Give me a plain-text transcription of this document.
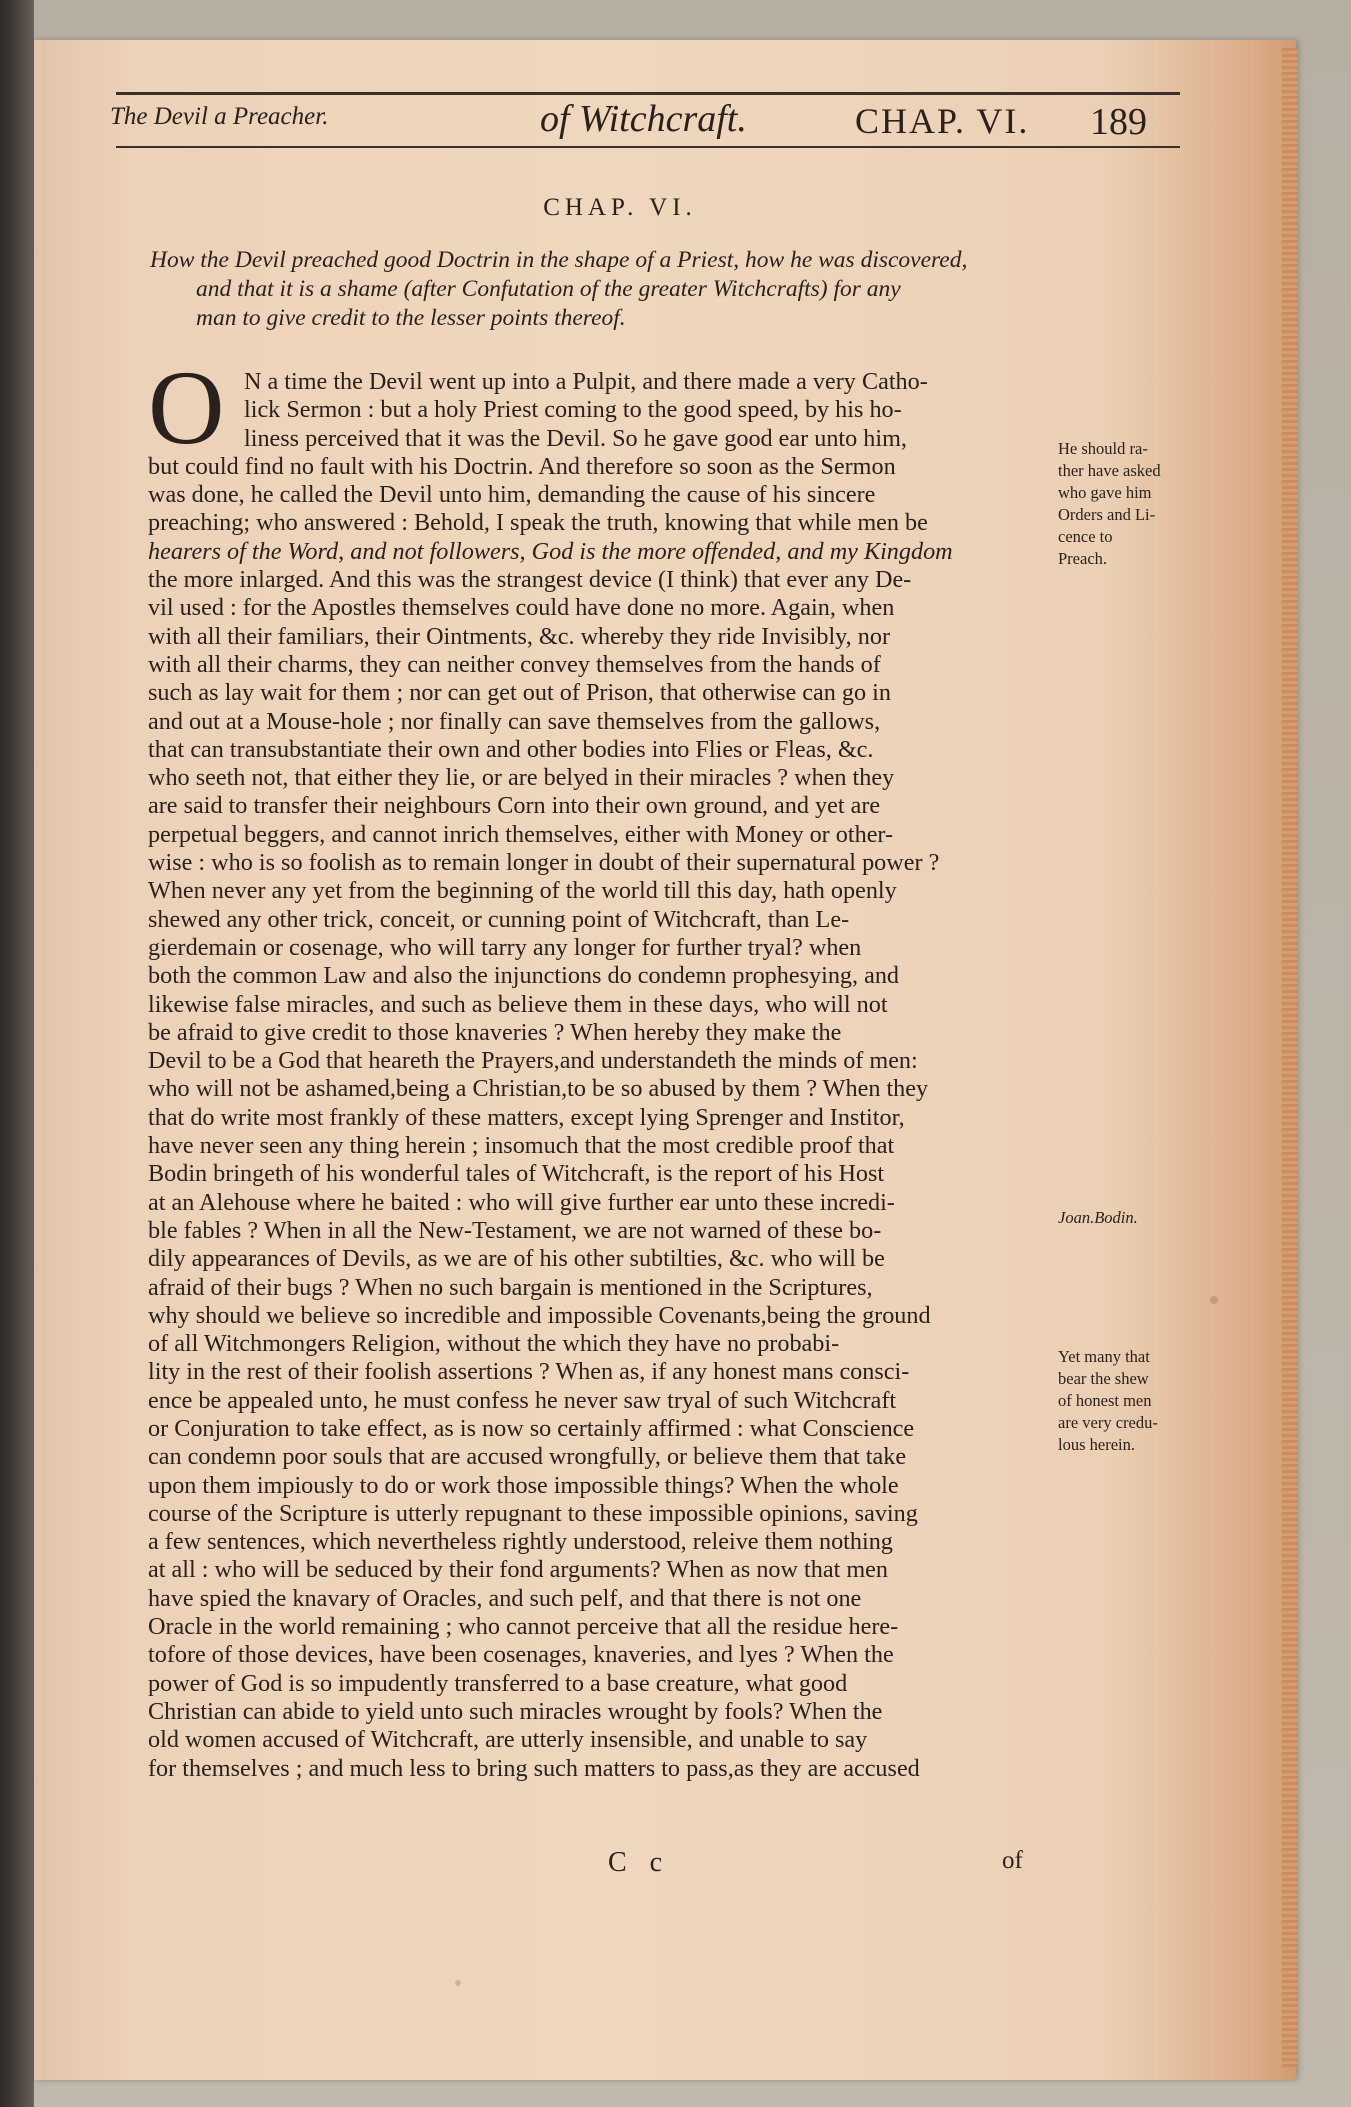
The Devil a Preacher.	of Witchcraft.	CHAP. VI. 189
CHAP. VI.
How the Devil preached good Doctrin in the shape of a Priest, how he was discovered,
and that it is a shame (after Confutation of the greater Witchcrafts) for any
man to give credit to the lesser points thereof.
O N a time the Devil went up into a Pulpit, and there made a very Catho-
lick Sermon : but a holy Priest coming to the good speed, by his ho-
liness perceived that it was the Devil. So he gave good ear unto him,
but could find no fault with his Doctrin. And therefore so soon as the Sermon
was done, he called the Devil unto him, demanding the cause of his sincere
preaching; who answered : Behold, I speak the truth, knowing that while men be
hearers of the Word, and not followers, God is the more offended, and my Kingdom
the more inlarged. And this was the strangest device (I think) that ever any De-
vil used : for the Apostles themselves could have done no more. Again, when
with all their familiars, their Ointments, &c. whereby they ride Invisibly, nor
with all their charms, they can neither convey themselves from the hands of
such as lay wait for them ; nor can get out of Prison, that otherwise can go in
and out at a Mouse-hole ; nor finally can save themselves from the gallows,
that can transubstantiate their own and other bodies into Flies or Fleas, &c.
who seeth not, that either they lie, or are belyed in their miracles ? when they
are said to transfer their neighbours Corn into their own ground, and yet are
perpetual beggers, and cannot inrich themselves, either with Money or other-
wise : who is so foolish as to remain longer in doubt of their supernatural power ?
When never any yet from the beginning of the world till this day, hath openly
shewed any other trick, conceit, or cunning point of Witchcraft, than Le-
gierdemain or cosenage, who will tarry any longer for further tryal? when
both the common Law and also the injunctions do condemn prophesying, and
likewise false miracles, and such as believe them in these days, who will not
be afraid to give credit to those knaveries ? When hereby they make the
Devil to be a God that heareth the Prayers,and understandeth the minds of men:
who will not be ashamed,being a Christian,to be so abused by them ? When they
that do write most frankly of these matters, except lying Sprenger and Institor,
have never seen any thing herein ; insomuch that the most credible proof that
Bodin bringeth of his wonderful tales of Witchcraft, is the report of his Host
at an Alehouse where he baited : who will give further ear unto these incredi-
ble fables ? When in all the New-Testament, we are not warned of these bo-
dily appearances of Devils, as we are of his other subtilties, &c. who will be
afraid of their bugs ? When no such bargain is mentioned in the Scriptures,
why should we believe so incredible and impossible Covenants,being the ground
of all Witchmongers Religion, without the which they have no probabi-
lity in the rest of their foolish assertions ? When as, if any honest mans consci-
ence be appealed unto, he must confess he never saw tryal of such Witchcraft
or Conjuration to take effect, as is now so certainly affirmed : what Conscience
can condemn poor souls that are accused wrongfully, or believe them that take
upon them impiously to do or work those impossible things? When the whole
course of the Scripture is utterly repugnant to these impossible opinions, saving
a few sentences, which nevertheless rightly understood, releive them nothing
at all : who will be seduced by their fond arguments? When as now that men
have spied the knavary of Oracles, and such pelf, and that there is not one
Oracle in the world remaining ; who cannot perceive that all the residue here-
tofore of those devices, have been cosenages, knaveries, and lyes ? When the
power of God is so impudently transferred to a base creature, what good
Christian can abide to yield unto such miracles wrought by fools? When the
old women accused of Witchcraft, are utterly insensible, and unable to say
for themselves ; and much less to bring such matters to pass,as they are accused
He should ra-
ther have asked
who gave him
Orders and Li-
cence to
Preach.
Joan.Bodin.
Yet many that
bear the shew
of honest men
are very credu-
lous herein.
C c	of
